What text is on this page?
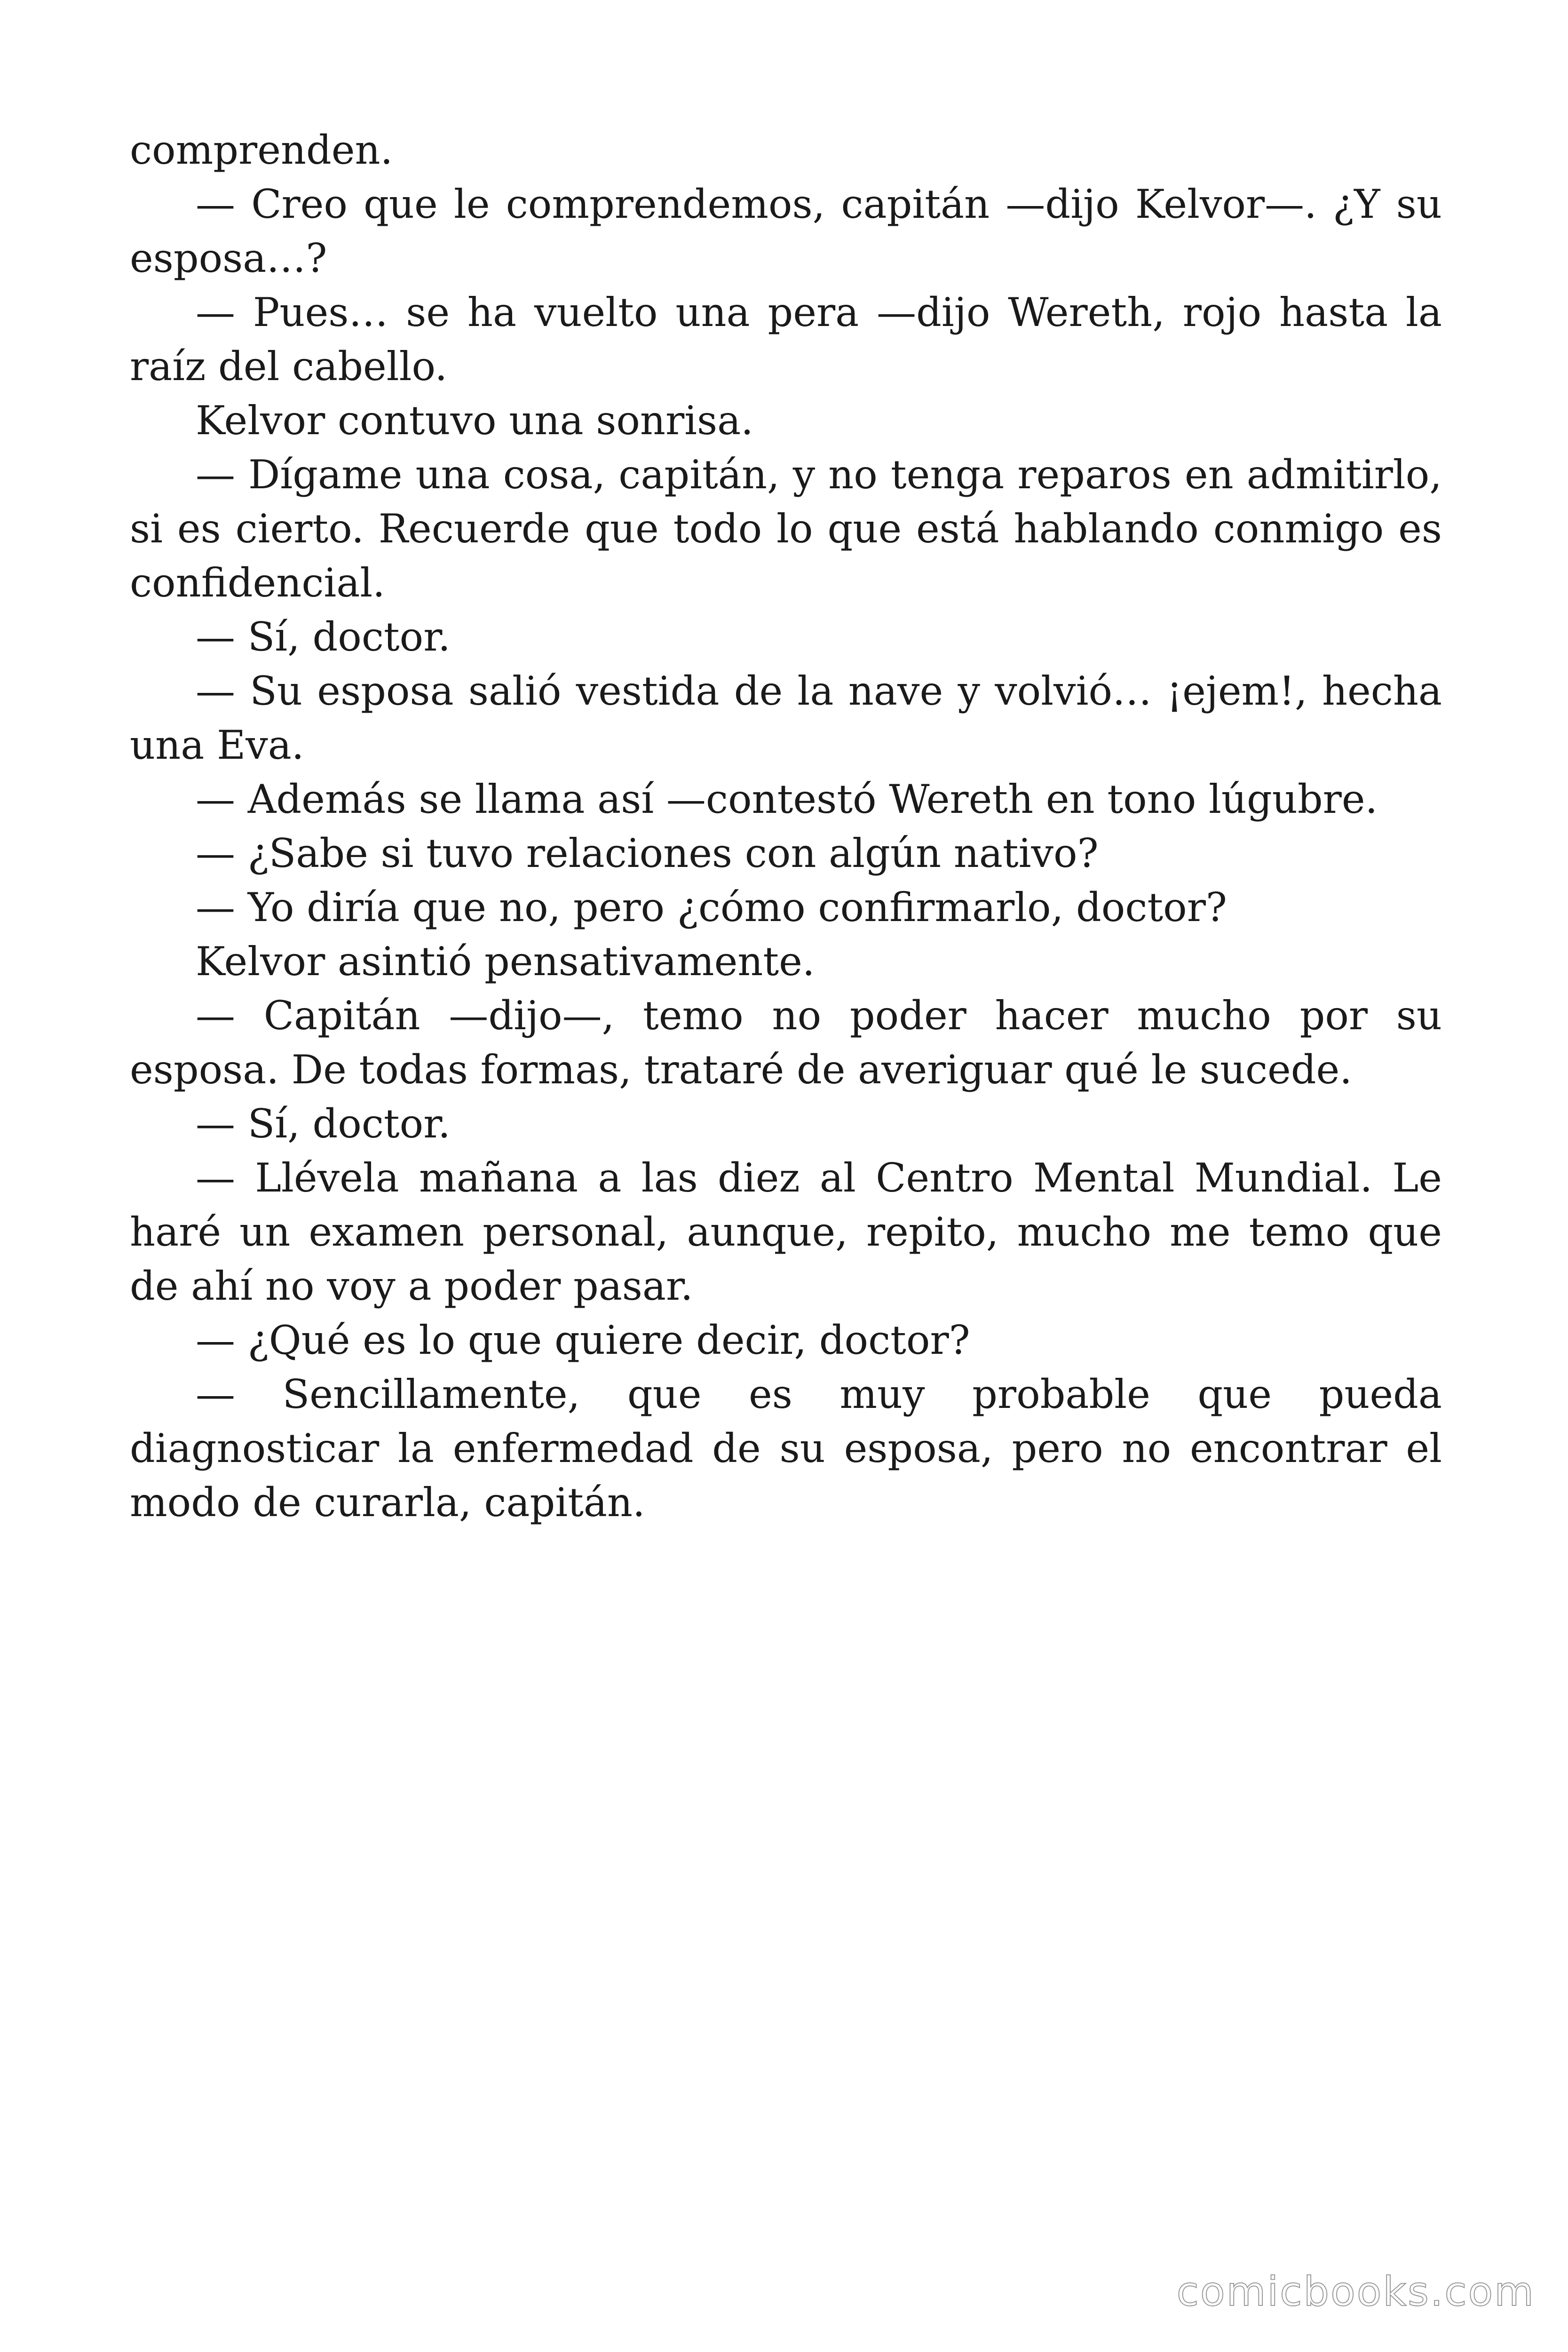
comprenden.

— Creo que le comprendemos, capitán —dijo Kelvor—. ¿Y su esposa…?

— Pues… se ha vuelto una pera —dijo Wereth, rojo hasta la raíz del cabello.

Kelvor contuvo una sonrisa.

— Dígame una cosa, capitán, y no tenga reparos en admitirlo, si es cierto. Recuerde que todo lo que está hablando conmigo es confidencial.

— Sí, doctor.

— Su esposa salió vestida de la nave y volvió… ¡ejem!, hecha una Eva.

— Además se llama así —contestó Wereth en tono lúgubre.

— ¿Sabe si tuvo relaciones con algún nativo?

— Yo diría que no, pero ¿cómo confirmarlo, doctor?

Kelvor asintió pensativamente.

— Capitán —dijo—, temo no poder hacer mucho por su esposa. De todas formas, trataré de averiguar qué le sucede.

— Sí, doctor.

— Llévela mañana a las diez al Centro Mental Mundial. Le haré un examen personal, aunque, repito, mucho me temo que de ahí no voy a poder pasar.

— ¿Qué es lo que quiere decir, doctor?

— Sencillamente, que es muy probable que pueda diagnosticar la enfermedad de su esposa, pero no encontrar el modo de curarla, capitán.

comicbooks.com
